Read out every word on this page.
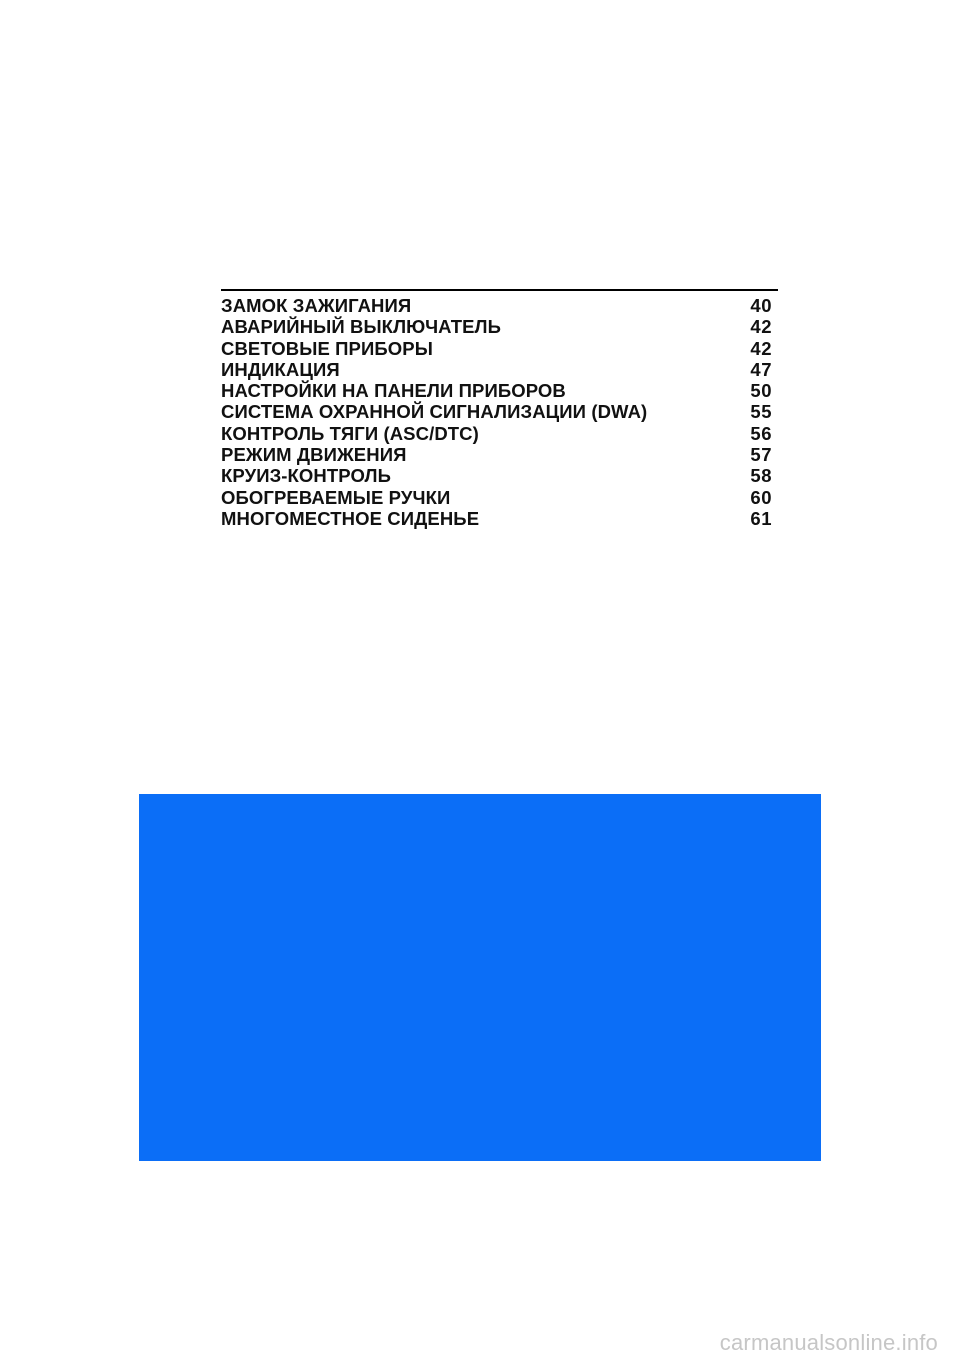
ЗАМОК ЗАЖИГАНИЯ	40
АВАРИЙНЫЙ ВЫКЛЮЧАТЕЛЬ	42
СВЕТОВЫЕ ПРИБОРЫ	42
ИНДИКАЦИЯ	47
НАСТРОЙКИ НА ПАНЕЛИ ПРИБОРОВ	50
СИСТЕМА ОХРАННОЙ СИГНАЛИЗАЦИИ (DWA)	55
КОНТРОЛЬ ТЯГИ (ASC/DTC)	56
РЕЖИМ ДВИЖЕНИЯ	57
КРУИЗ-КОНТРОЛЬ	58
ОБОГРЕВАЕМЫЕ РУЧКИ	60
МНОГОМЕСТНОЕ СИДЕНЬЕ	61
carmanualsonline.info
